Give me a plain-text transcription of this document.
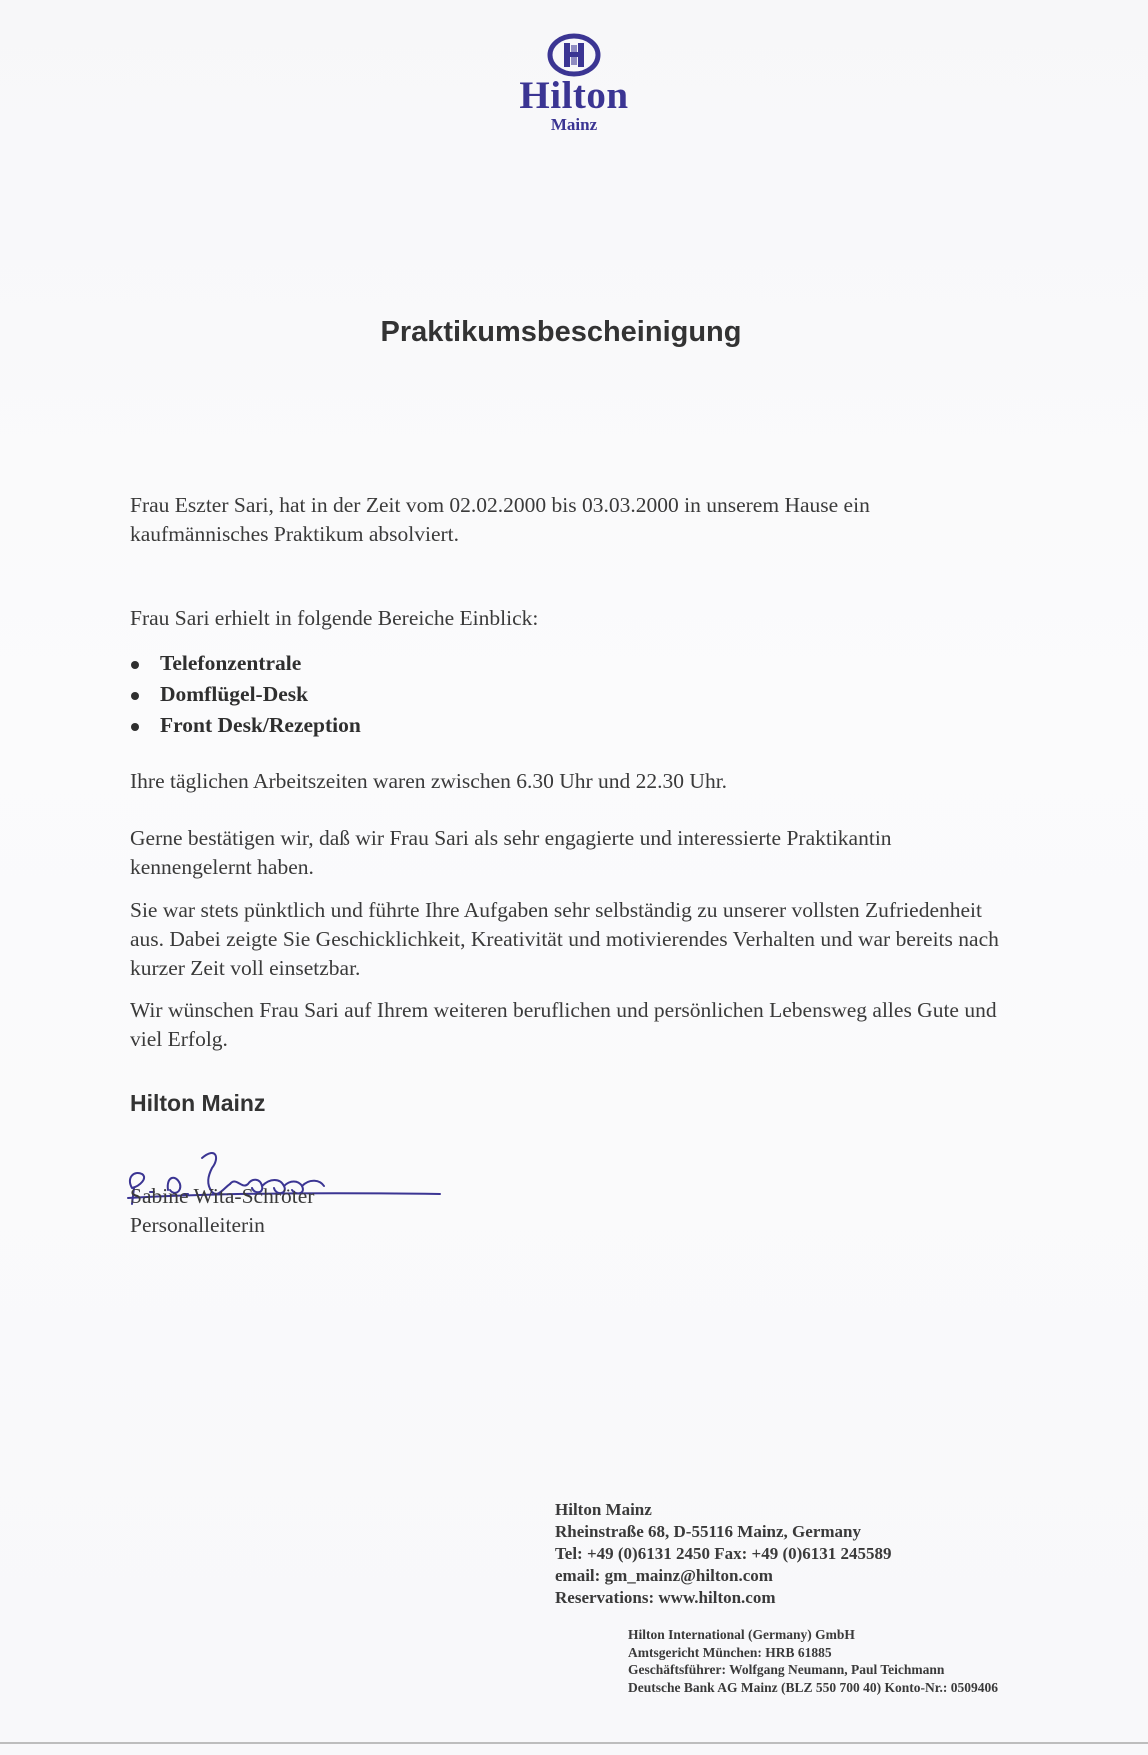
Hilton
Mainz
Praktikumsbescheinigung
Frau Eszter Sari, hat in der Zeit vom 02.02.2000 bis 03.03.2000 in unserem Hause ein kaufmännisches Praktikum absolviert.
Frau Sari erhielt in folgende Bereiche Einblick:
Telefonzentrale
Domflügel-Desk
Front Desk/Rezeption
Ihre täglichen Arbeitszeiten waren zwischen 6.30 Uhr und 22.30 Uhr.
Gerne bestätigen wir, daß wir Frau Sari als sehr engagierte und interessierte Praktikantin kennengelernt haben.
Sie war stets pünktlich und führte Ihre Aufgaben sehr selbständig zu unserer vollsten Zufriedenheit aus. Dabei zeigte Sie Geschicklichkeit, Kreativität und motivierendes Verhalten und war bereits nach kurzer Zeit voll einsetzbar.
Wir wünschen Frau Sari auf Ihrem weiteren beruflichen und persönlichen Lebensweg alles Gute und viel Erfolg.
Hilton Mainz
Sabine Wita-Schröter
Personalleiterin
Hilton Mainz
Rheinstraße 68, D-55116 Mainz, Germany
Tel: +49 (0)6131 2450 Fax: +49 (0)6131 245589
email: gm_mainz@hilton.com
Reservations: www.hilton.com
Hilton International (Germany) GmbH
Amtsgericht München: HRB 61885
Geschäftsführer: Wolfgang Neumann, Paul Teichmann
Deutsche Bank AG Mainz (BLZ 550 700 40) Konto-Nr.: 0509406
